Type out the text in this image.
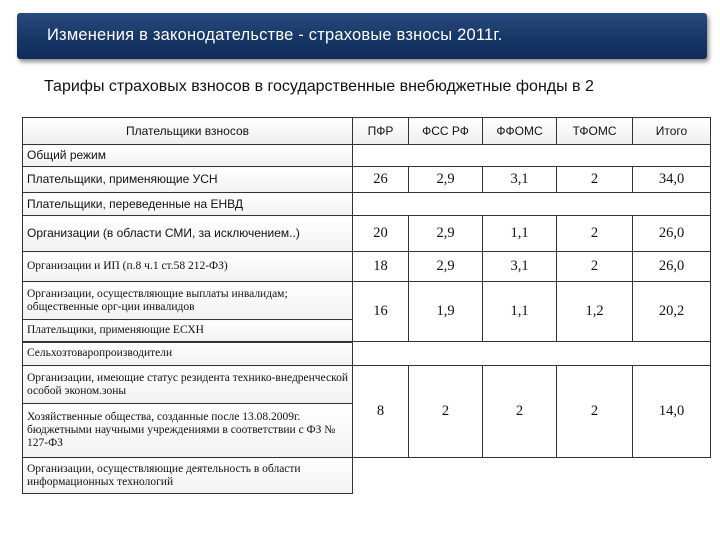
Изменения в законодательстве - страховые взносы 2011г.
Тарифы страховых взносов в государственные внебюджетные фонды в 2
Плательщики взносов	ПФР	ФСС РФ	ФФОМС	ТФОМС	Итого
Общий режим					
Плательщики, применяющие УСН	26	2,9	3,1	2	34,0
Плательщики, переведенные на ЕНВД					
Организации (в области СМИ, за исключением..)	20	2,9	1,1	2	26,0
Организации и ИП (п.8 ч.1 ст.58 212-ФЗ)	18	2,9	3,1	2	26,0
Организации, осуществляющие выплаты инвалидам; общественные орг-ции инвалидов	16	1,9	1,1	1,2	20,2
Плательщики, применяющие ЕСХН					
Сельхозтоваропроизводители					
Организации, имеющие статус резидента технико-внедренческой особой эконом.зоны	8	2	2	2	14,0
Хозяйственные общества, созданные после 13.08.2009г. бюджетными научными учреждениями в соответствии с ФЗ № 127-ФЗ					
Организации, осуществляющие деятельность в области информационных технологий					
